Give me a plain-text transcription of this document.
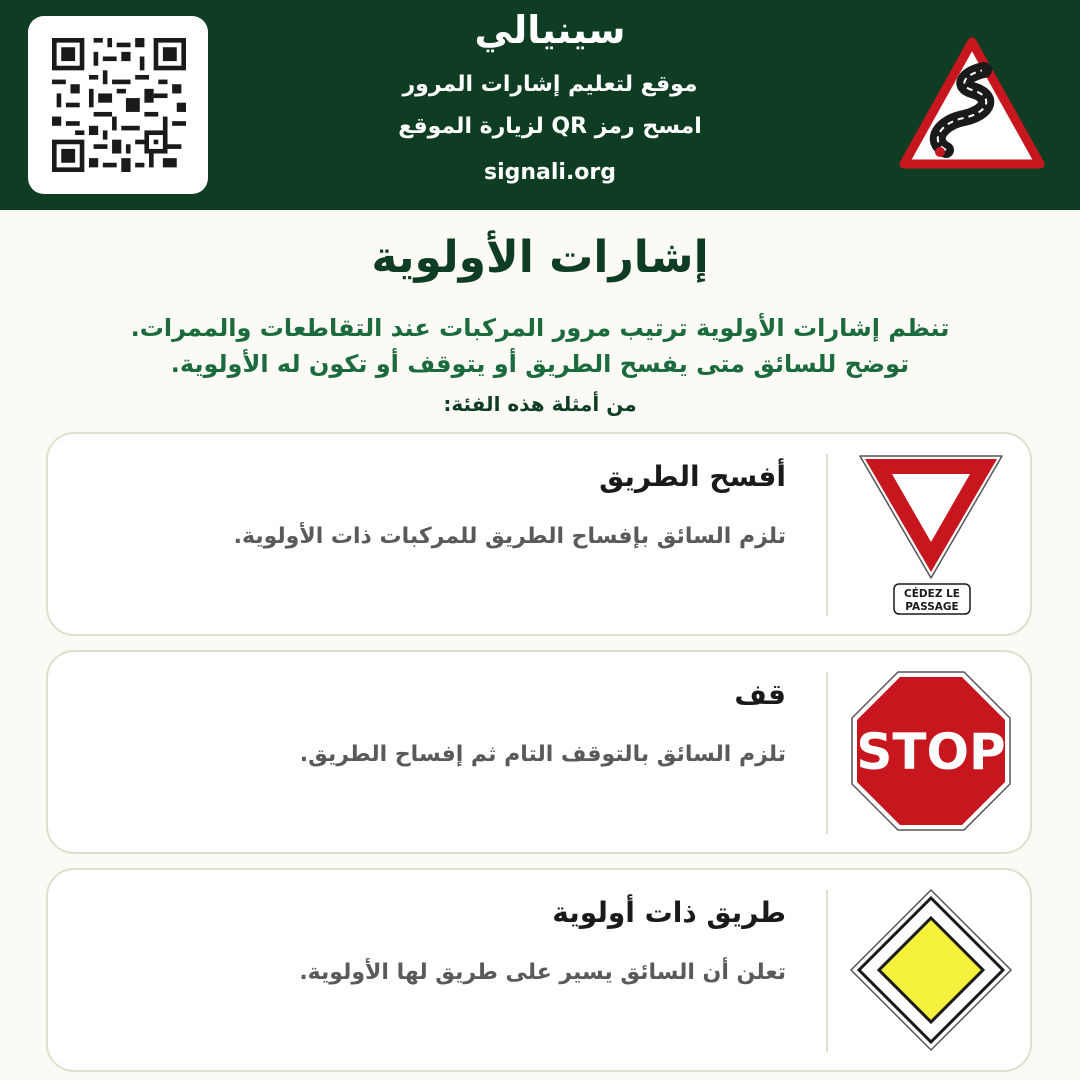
سينيالي
موقع لتعليم إشارات المرور
امسح رمز QR لزيارة الموقع
signali.org
إشارات الأولوية
تنظم إشارات الأولوية ترتيب مرور المركبات عند التقاطعات والممرات.
توضح للسائق متى يفسح الطريق أو يتوقف أو تكون له الأولوية.
من أمثلة هذه الفئة:
CÉDEZ LE
PASSAGE
أفسح الطريق
تلزم السائق بإفساح الطريق للمركبات ذات الأولوية.
STOP
قف
تلزم السائق بالتوقف التام ثم إفساح الطريق.
طريق ذات أولوية
تعلن أن السائق يسير على طريق لها الأولوية.
